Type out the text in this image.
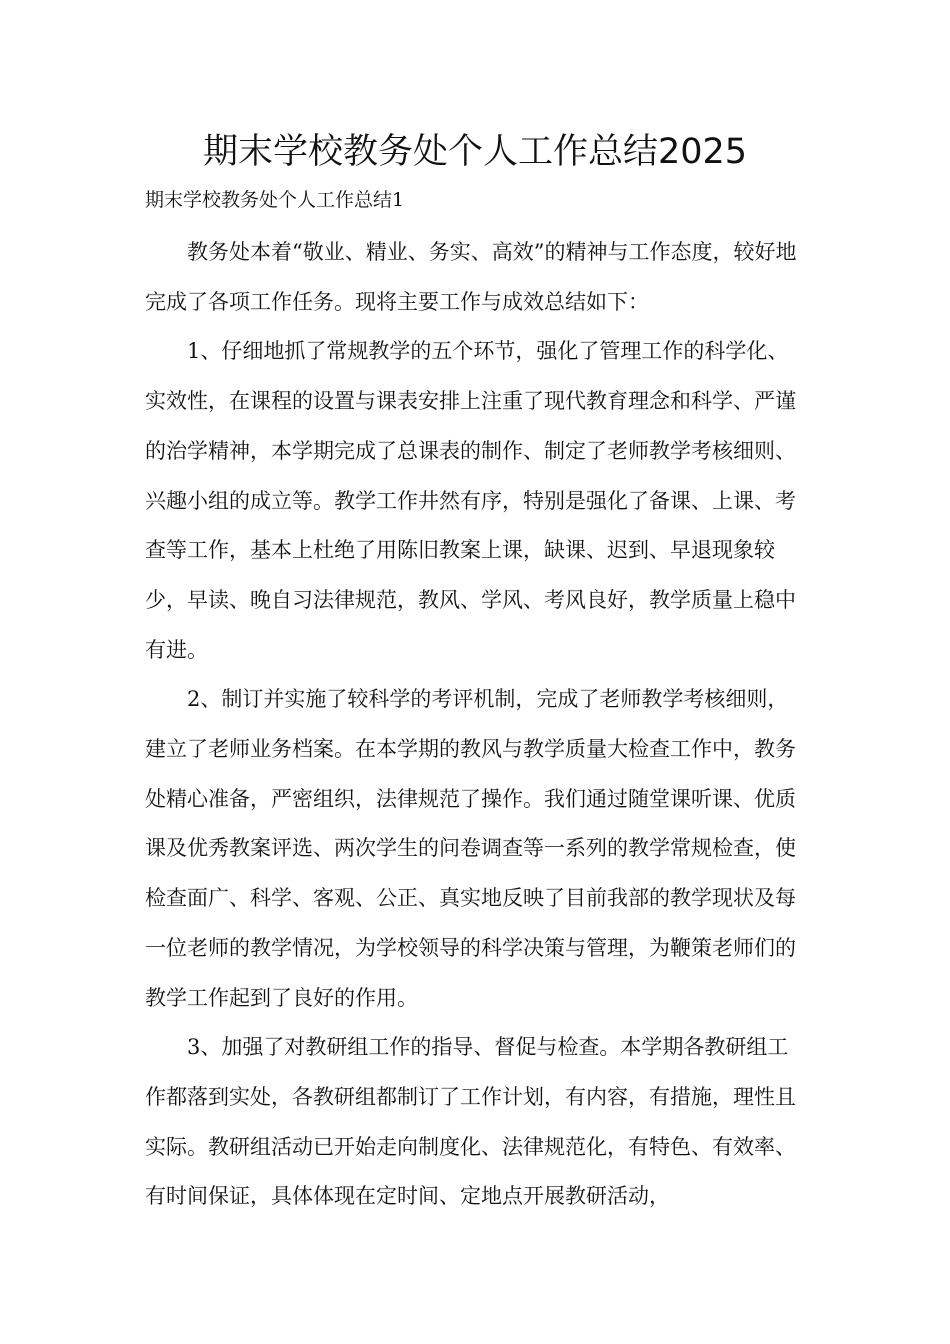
期末学校教务处个人工作总结2025

期末学校教务处个人工作总结1

教务处本着“敬业、精业、务实、高效”的精神与工作态度，较好地完成了各项工作任务。现将主要工作与成效总结如下：

1、仔细地抓了常规教学的五个环节，强化了管理工作的科学化、实效性，在课程的设置与课表安排上注重了现代教育理念和科学、严谨的治学精神，本学期完成了总课表的制作、制定了老师教学考核细则、兴趣小组的成立等。教学工作井然有序，特别是强化了备课、上课、考查等工作，基本上杜绝了用陈旧教案上课，缺课、迟到、早退现象较少，早读、晚自习法律规范，教风、学风、考风良好，教学质量上稳中有进。

2、制订并实施了较科学的考评机制，完成了老师教学考核细则，建立了老师业务档案。在本学期的教风与教学质量大检查工作中，教务处精心准备，严密组织，法律规范了操作。我们通过随堂课听课、优质课及优秀教案评选、两次学生的问卷调查等一系列的教学常规检查，使检查面广、科学、客观、公正、真实地反映了目前我部的教学现状及每一位老师的教学情况，为学校领导的科学决策与管理，为鞭策老师们的教学工作起到了良好的作用。

3、加强了对教研组工作的指导、督促与检查。本学期各教研组工作都落到实处，各教研组都制订了工作计划，有内容，有措施，理性且实际。教研组活动已开始走向制度化、法律规范化，有特色、有效率、有时间保证，具体体现在定时间、定地点开展教研活动，
